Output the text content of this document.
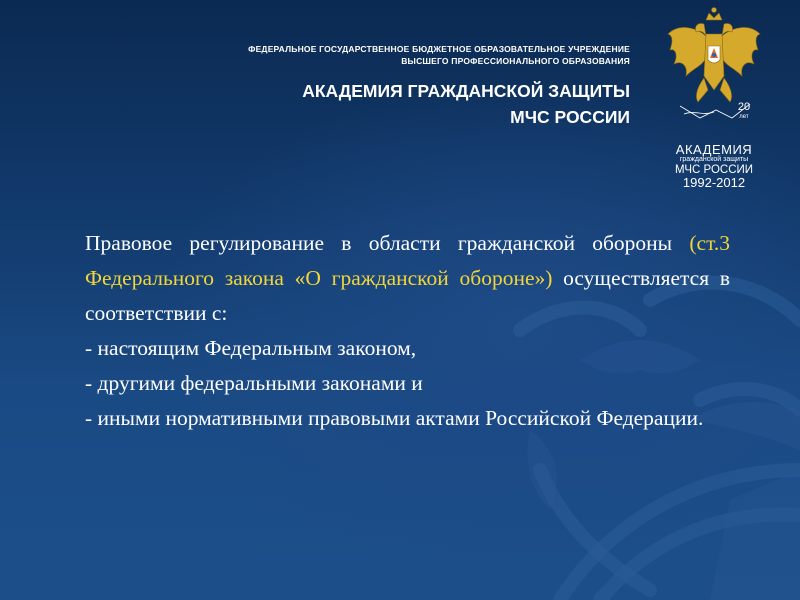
ФЕДЕРАЛЬНОЕ ГОСУДАРСТВЕННОЕ БЮДЖЕТНОЕ ОБРАЗОВАТЕЛЬНОЕ УЧРЕЖДЕНИЕ
ВЫСШЕГО ПРОФЕССИОНАЛЬНОГО ОБРАЗОВАНИЯ
АКАДЕМИЯ ГРАЖДАНСКОЙ ЗАЩИТЫ
МЧС РОССИИ	20
лет
АКАДЕМИЯ
гражданской защиты
МЧС РОССИИ
1992-2012

Правовое регулирование в области гражданской обороны (ст.3 Федерального закона «О гражданской обороне») осуществляется в соответствии с:

- настоящим Федеральным законом,

- другими федеральными законами и

- иными нормативными правовыми актами Российской Федерации.
